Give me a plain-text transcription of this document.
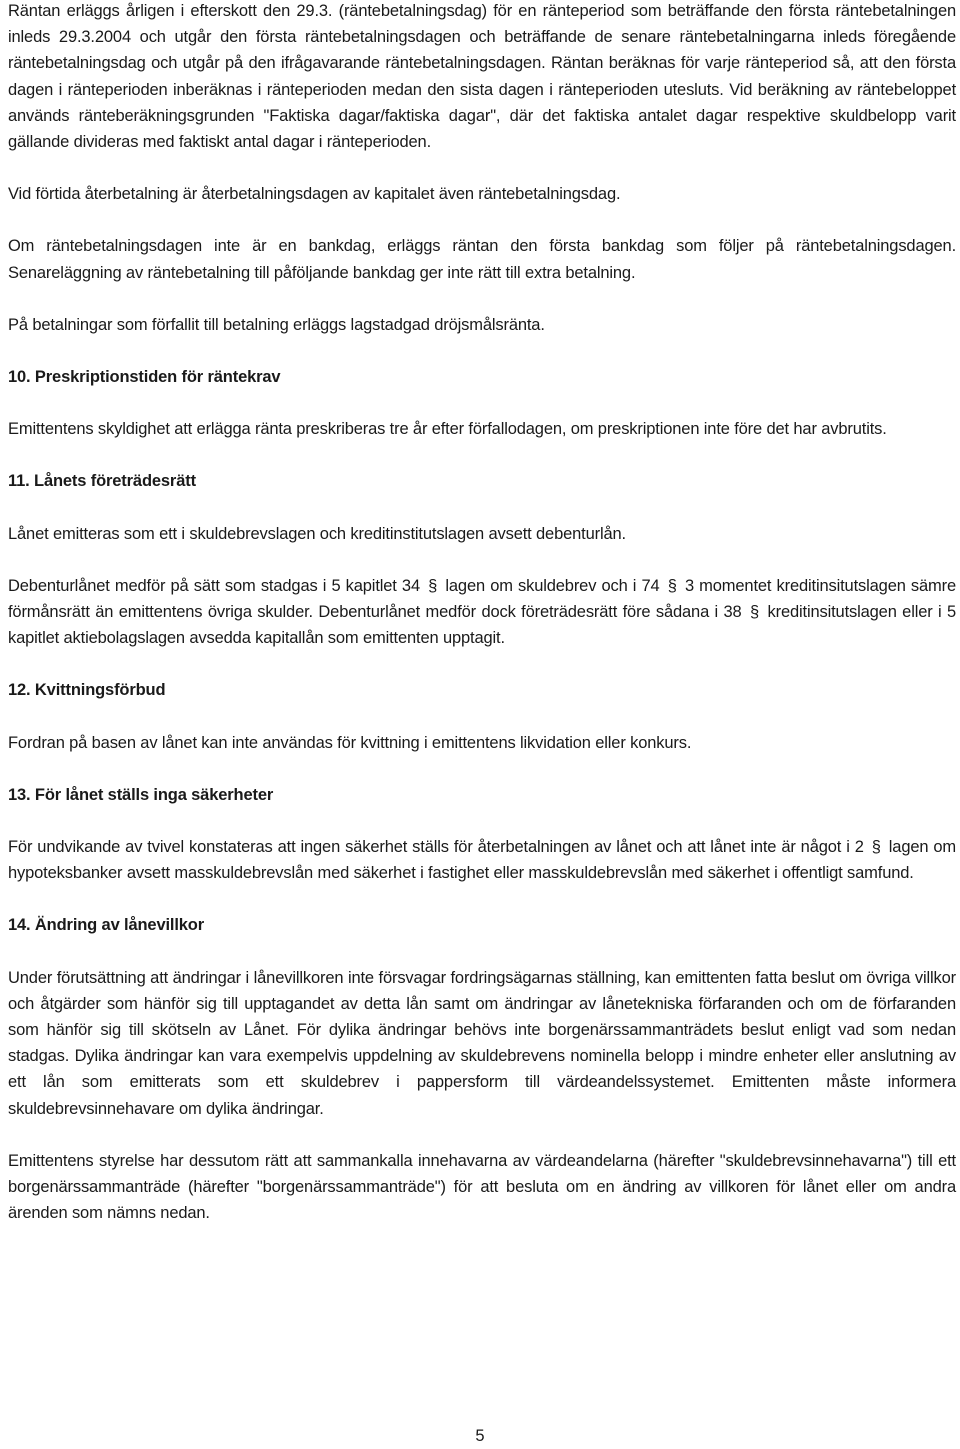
Räntan erläggs årligen i efterskott den 29.3. (räntebetalningsdag) för en ränteperiod som beträffande den första räntebetalningen inleds 29.3.2004 och utgår den första räntebetalningsdagen och beträffande de senare räntebetalningarna inleds föregående räntebetalningsdag och utgår på den ifrågavarande räntebetalningsdagen. Räntan beräknas för varje ränteperiod så, att den första dagen i ränteperioden inberäknas i ränteperioden medan den sista dagen i ränteperioden utesluts. Vid beräkning av räntebeloppet används ränteberäkningsgrunden "Faktiska dagar/faktiska dagar", där det faktiska antalet dagar respektive skuldbelopp varit gällande divideras med faktiskt antal dagar i ränteperioden.

Vid förtida återbetalning är återbetalningsdagen av kapitalet även räntebetalningsdag.

Om räntebetalningsdagen inte är en bankdag, erläggs räntan den första bankdag som följer på räntebetalningsdagen. Senareläggning av räntebetalning till påföljande bankdag ger inte rätt till extra betalning.

På betalningar som förfallit till betalning erläggs lagstadgad dröjsmålsränta.

10. Preskriptionstiden för räntekrav

Emittentens skyldighet att erlägga ränta preskriberas tre år efter förfallodagen, om preskriptionen inte före det har avbrutits.

11. Lånets företrädesrätt

Lånet emitteras som ett i skuldebrevslagen och kreditinstitutslagen avsett debenturlån.

Debenturlånet medför på sätt som stadgas i 5 kapitlet 34 § lagen om skuldebrev och i 74 § 3 momentet kreditinsitutslagen sämre förmånsrätt än emittentens övriga skulder. Debenturlånet medför dock företrädesrätt före sådana i 38 § kreditinsitutslagen eller i 5 kapitlet aktiebolagslagen avsedda kapitallån som emittenten upptagit.

12. Kvittningsförbud

Fordran på basen av lånet kan inte användas för kvittning i emittentens likvidation eller konkurs.

13. För lånet ställs inga säkerheter

För undvikande av tvivel konstateras att ingen säkerhet ställs för återbetalningen av lånet och att lånet inte är något i 2 § lagen om hypoteksbanker avsett masskuldebrevslån med säkerhet i fastighet eller masskuldebrevslån med säkerhet i offentligt samfund.

14. Ändring av lånevillkor

Under förutsättning att ändringar i lånevillkoren inte försvagar fordringsägarnas ställning, kan emittenten fatta beslut om övriga villkor och åtgärder som hänför sig till upptagandet av detta lån samt om ändringar av lånetekniska förfaranden och om de förfaranden som hänför sig till skötseln av Lånet. För dylika ändringar behövs inte borgenärssammanträdets beslut enligt vad som nedan stadgas. Dylika ändringar kan vara exempelvis uppdelning av skuldebrevens nominella belopp i mindre enheter eller anslutning av ett lån som emitterats som ett skuldebrev i pappersform till värdeandelssystemet. Emittenten måste informera skuldebrevsinnehavare om dylika ändringar.

Emittentens styrelse har dessutom rätt att sammankalla innehavarna av värdeandelarna (härefter "skuldebrevsinnehavarna") till ett borgenärssammanträde (härefter "borgenärssammanträde") för att besluta om en ändring av villkoren för lånet eller om andra ärenden som nämns nedan.

5
